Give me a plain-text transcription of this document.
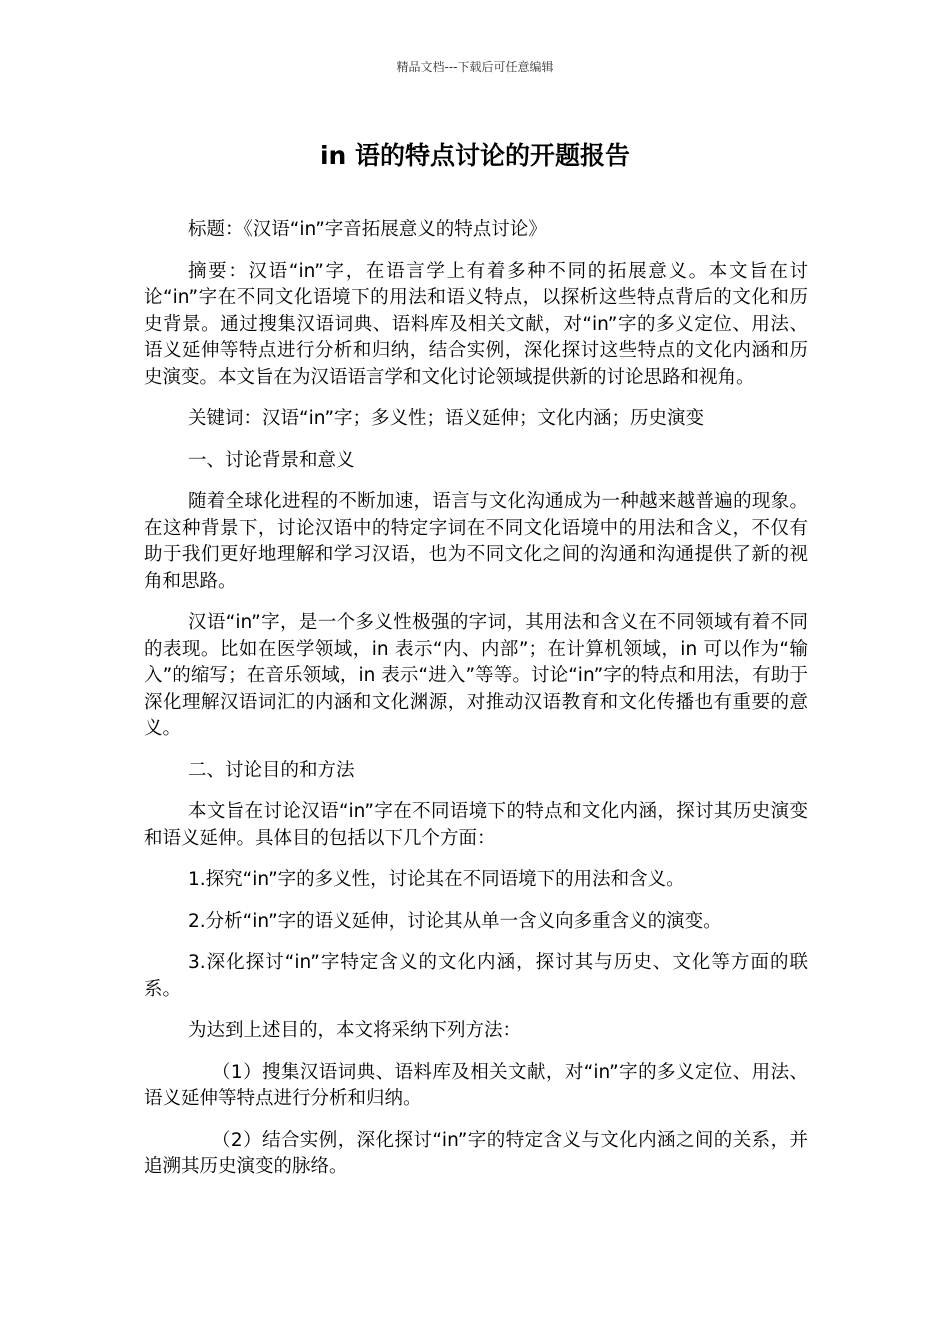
精品文档---下载后可任意编辑
in 语的特点讨论的开题报告

标题：《汉语“in”字音拓展意义的特点讨论》

摘要：汉语“in”字，在语言学上有着多种不同的拓展意义。本文旨在讨论“in”字在不同文化语境下的用法和语义特点，以探析这些特点背后的文化和历史背景。通过搜集汉语词典、语料库及相关文献，对“in”字的多义定位、用法、语义延伸等特点进行分析和归纳，结合实例，深化探讨这些特点的文化内涵和历史演变。本文旨在为汉语语言学和文化讨论领域提供新的讨论思路和视角。

关键词：汉语“in”字；多义性；语义延伸；文化内涵；历史演变

一、讨论背景和意义

随着全球化进程的不断加速，语言与文化沟通成为一种越来越普遍的现象。在这种背景下，讨论汉语中的特定字词在不同文化语境中的用法和含义，不仅有助于我们更好地理解和学习汉语，也为不同文化之间的沟通和沟通提供了新的视角和思路。

汉语“in”字，是一个多义性极强的字词，其用法和含义在不同领域有着不同的表现。比如在医学领域，in 表示“内、内部”；在计算机领域，in 可以作为“输入”的缩写；在音乐领域，in 表示“进入”等等。讨论“in”字的特点和用法，有助于深化理解汉语词汇的内涵和文化渊源，对推动汉语教育和文化传播也有重要的意义。

二、讨论目的和方法

本文旨在讨论汉语“in”字在不同语境下的特点和文化内涵，探讨其历史演变和语义延伸。具体目的包括以下几个方面：

1.探究“in”字的多义性，讨论其在不同语境下的用法和含义。

2.分析“in”字的语义延伸，讨论其从单一含义向多重含义的演变。

3.深化探讨“in”字特定含义的文化内涵，探讨其与历史、文化等方面的联系。

为达到上述目的，本文将采纳下列方法：

（1）搜集汉语词典、语料库及相关文献，对“in”字的多义定位、用法、语义延伸等特点进行分析和归纳。

（2）结合实例，深化探讨“in”字的特定含义与文化内涵之间的关系，并追溯其历史演变的脉络。
